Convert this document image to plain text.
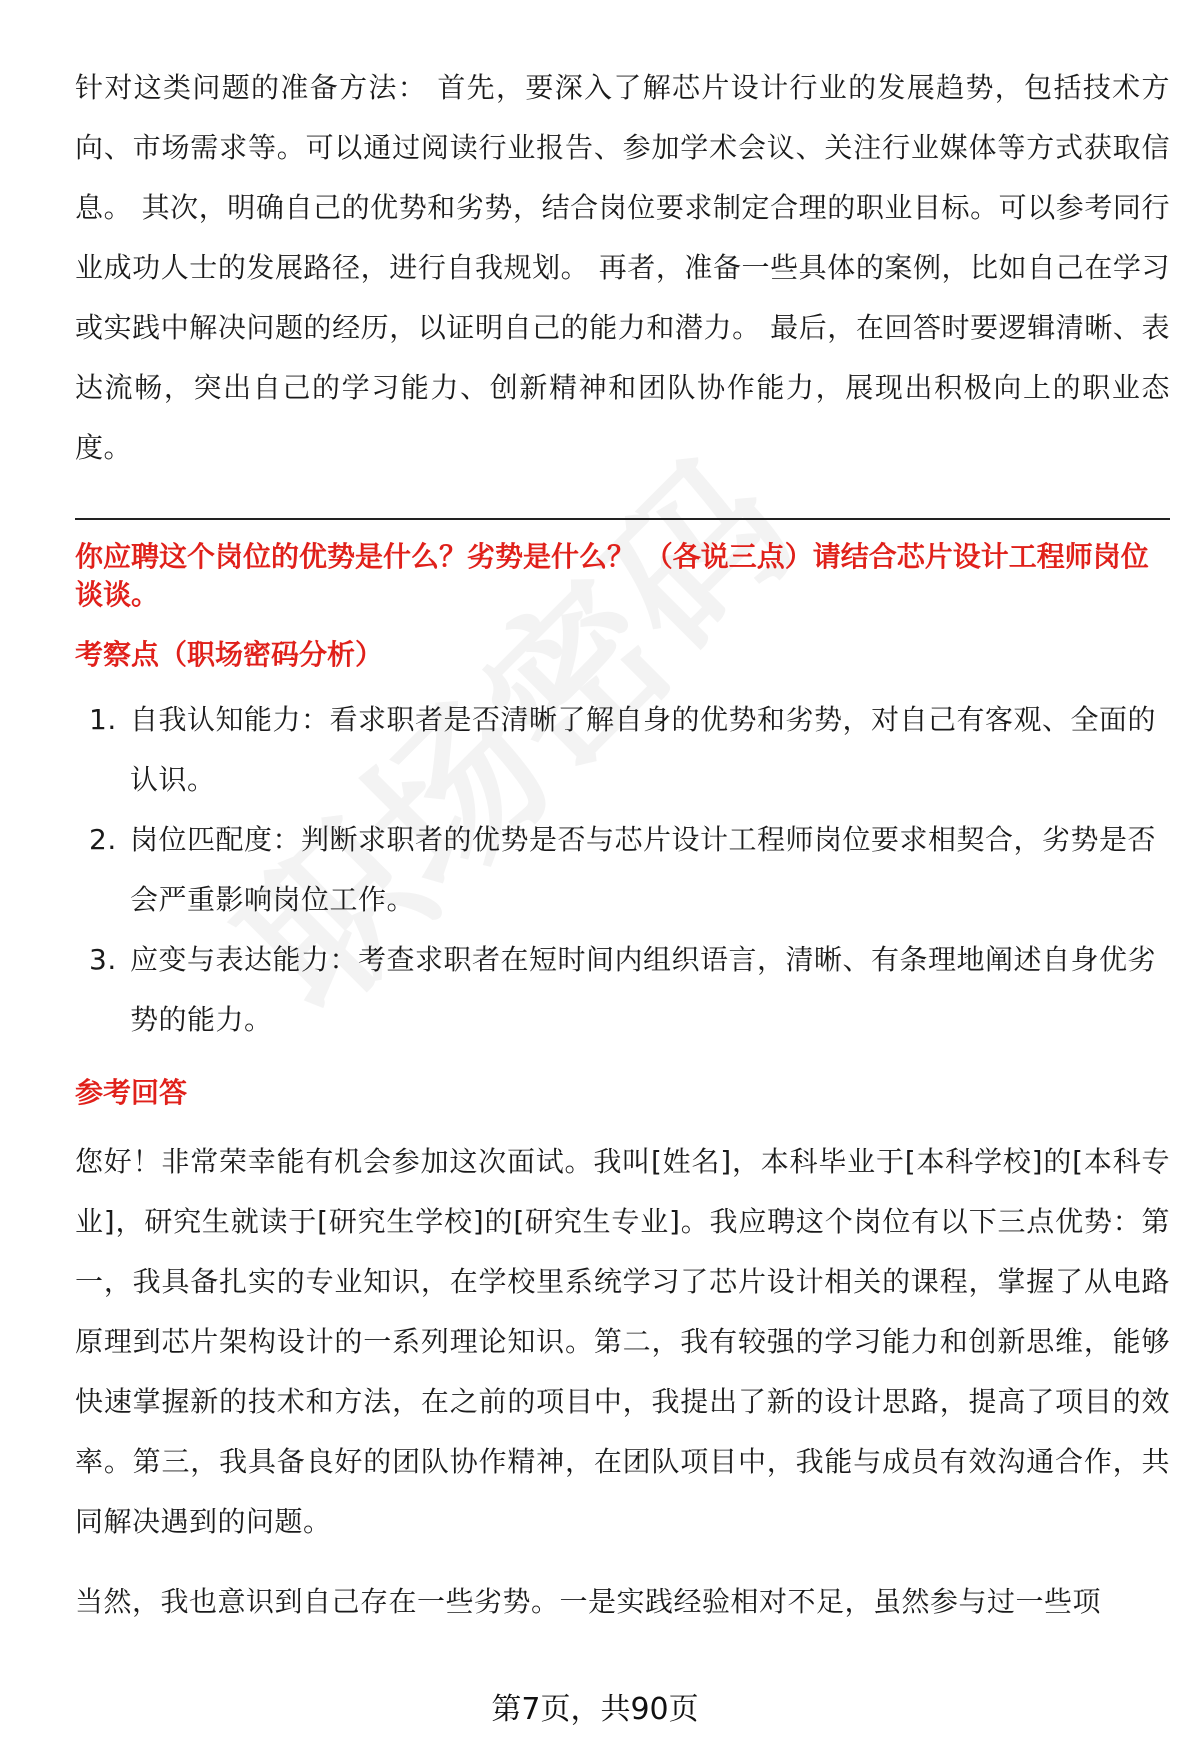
针对这类问题的准备方法： 首先，要深入了解芯片设计行业的发展趋势，包括技术方向、市场需求等。可以通过阅读行业报告、参加学术会议、关注行业媒体等方式获取信息。 其次，明确自己的优势和劣势，结合岗位要求制定合理的职业目标。可以参考同行业成功人士的发展路径，进行自我规划。 再者，准备一些具体的案例，比如自己在学习或实践中解决问题的经历，以证明自己的能力和潜力。 最后，在回答时要逻辑清晰、表达流畅，突出自己的学习能力、创新精神和团队协作能力，展现出积极向上的职业态度。

你应聘这个岗位的优势是什么？劣势是什么？ （各说三点）请结合芯片设计工程师岗位谈谈。

考察点（职场密码分析）
1. 自我认知能力：看求职者是否清晰了解自身的优势和劣势，对自己有客观、全面的认识。
2. 岗位匹配度：判断求职者的优势是否与芯片设计工程师岗位要求相契合，劣势是否会严重影响岗位工作。
3. 应变与表达能力：考查求职者在短时间内组织语言，清晰、有条理地阐述自身优劣势的能力。
参考回答

您好！非常荣幸能有机会参加这次面试。我叫[姓名]，本科毕业于[本科学校]的[本科专业]，研究生就读于[研究生学校]的[研究生专业]。我应聘这个岗位有以下三点优势：第一，我具备扎实的专业知识，在学校里系统学习了芯片设计相关的课程，掌握了从电路原理到芯片架构设计的一系列理论知识。第二，我有较强的学习能力和创新思维，能够快速掌握新的技术和方法，在之前的项目中，我提出了新的设计思路，提高了项目的效率。第三，我具备良好的团队协作精神，在团队项目中，我能与成员有效沟通合作，共同解决遇到的问题。

当然，我也意识到自己存在一些劣势。一是实践经验相对不足，虽然参与过一些项

第7页，共90页
